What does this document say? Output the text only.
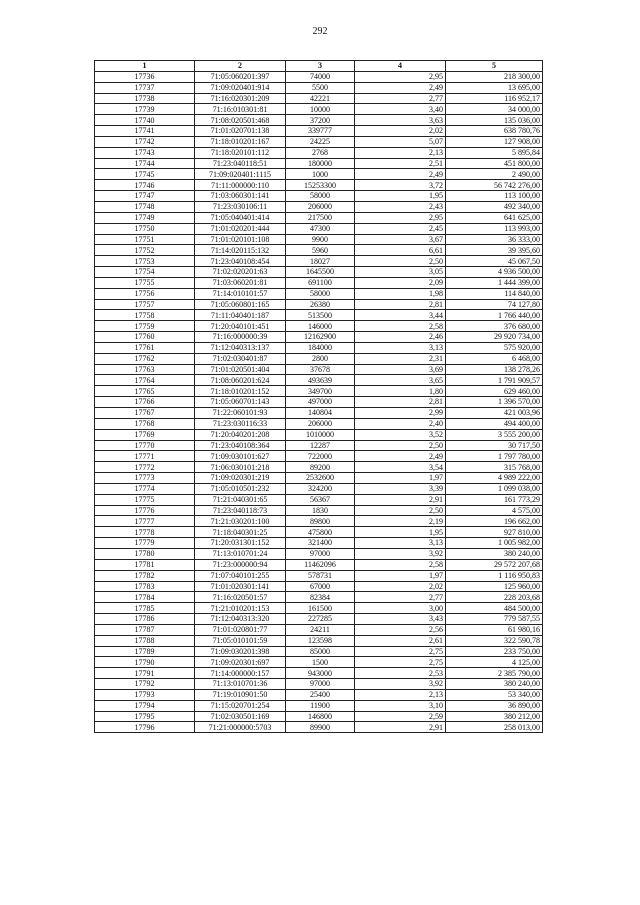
292
1	2	3	4	5
17736	71:05:060201:397	74000	2,95	218 300,00
17737	71:09:020401:914	5500	2,49	13 695,00
17738	71:16:020301:209	42221	2,77	116 952,17
17739	71:16:010301:81	10000	3,40	34 000,00
17740	71:08:020501:468	37200	3,63	135 036,00
17741	71:01:020701:138	339777	2,02	638 780,76
17742	71:18:010201:167	24225	5,07	127 908,00
17743	71:18:020101:112	2768	2,13	5 895,84
17744	71:23:040118:51	180000	2,51	451 800,00
17745	71:09:020401:1115	1000	2,49	2 490,00
17746	71:11:000000:110	15253300	3,72	56 742 276,00
17747	71:03:060301:141	58000	1,95	113 100,00
17748	71:23:030106:11	206000	2,43	492 340,00
17749	71:05:040401:414	217500	2,95	641 625,00
17750	71:01:020201:444	47300	2,45	113 993,00
17751	71:01:020101:108	9900	3,67	36 333,00
17752	71:14:020115:132	5960	6,61	39 395,60
17753	71:23:040108:454	18027	2,50	45 067,50
17754	71:02:020201:63	1645500	3,05	4 936 500,00
17755	71:03:060201:81	691100	2,09	1 444 399,00
17756	71:14:010101:57	58000	1,98	114 840,00
17757	71:05:060801:165	26380	2,81	74 127,80
17758	71:11:040401:187	513500	3,44	1 766 440,00
17759	71:20:040101:451	146000	2,58	376 680,00
17760	71:16:000000:39	12162900	2,46	29 920 734,00
17761	71:12:040313:137	184000	3,13	575 920,00
17762	71:02:030401:87	2800	2,31	6 468,00
17763	71:01:020501:404	37678	3,69	138 278,26
17764	71:08:060201:624	493639	3,65	1 791 909,57
17765	71:18:010201:152	349700	1,80	629 460,00
17766	71:05:060701:143	497000	2,81	1 396 570,00
17767	71:22:060101:93	140804	2,99	421 003,96
17768	71:23:030116:33	206000	2,40	494 400,00
17769	71:20:040201:208	1010000	3,52	3 555 200,00
17770	71:23:040108:364	12287	2,50	30 717,50
17771	71:09:030101:627	722000	2,49	1 797 780,00
17772	71:06:030101:218	89200	3,54	315 768,00
17773	71:09:020301:219	2532600	1,97	4 989 222,00
17774	71:05:010501:232	324200	3,39	1 099 038,00
17775	71:21:040301:65	56367	2,91	161 773,29
17776	71:23:040118:73	1830	2,50	4 575,00
17777	71:21:030201:100	89800	2,19	196 662,00
17778	71:18:040301:25	475800	1,95	927 810,00
17779	71:20:031301:152	321400	3,13	1 005 982,00
17780	71:13:010701:24	97000	3,92	380 240,00
17781	71:23:000000:94	11462096	2,58	29 572 207,68
17782	71:07:040101:255	578731	1,97	1 116 950,83
17783	71:01:020301:141	67000	2,02	125 960,00
17784	71:16:020501:57	82384	2,77	228 203,68
17785	71:21:010201:153	161500	3,00	484 500,00
17786	71:12:040313:320	227285	3,43	779 587,55
17787	71:01:020801:77	24211	2,56	61 980,16
17788	71:05:010101:59	123598	2,61	322 590,78
17789	71:09:030201:398	85000	2,75	233 750,00
17790	71:09:020301:697	1500	2,75	4 125,00
17791	71:14:000000:157	943000	2,53	2 385 790,00
17792	71:13:010701:36	97000	3,92	380 240,00
17793	71:19:010901:50	25400	2,13	53 340,00
17794	71:15:020701:254	11900	3,10	36 890,00
17795	71:02:030501:169	146800	2,59	380 212,00
17796	71:21:000000:5703	89900	2,91	258 013,00
